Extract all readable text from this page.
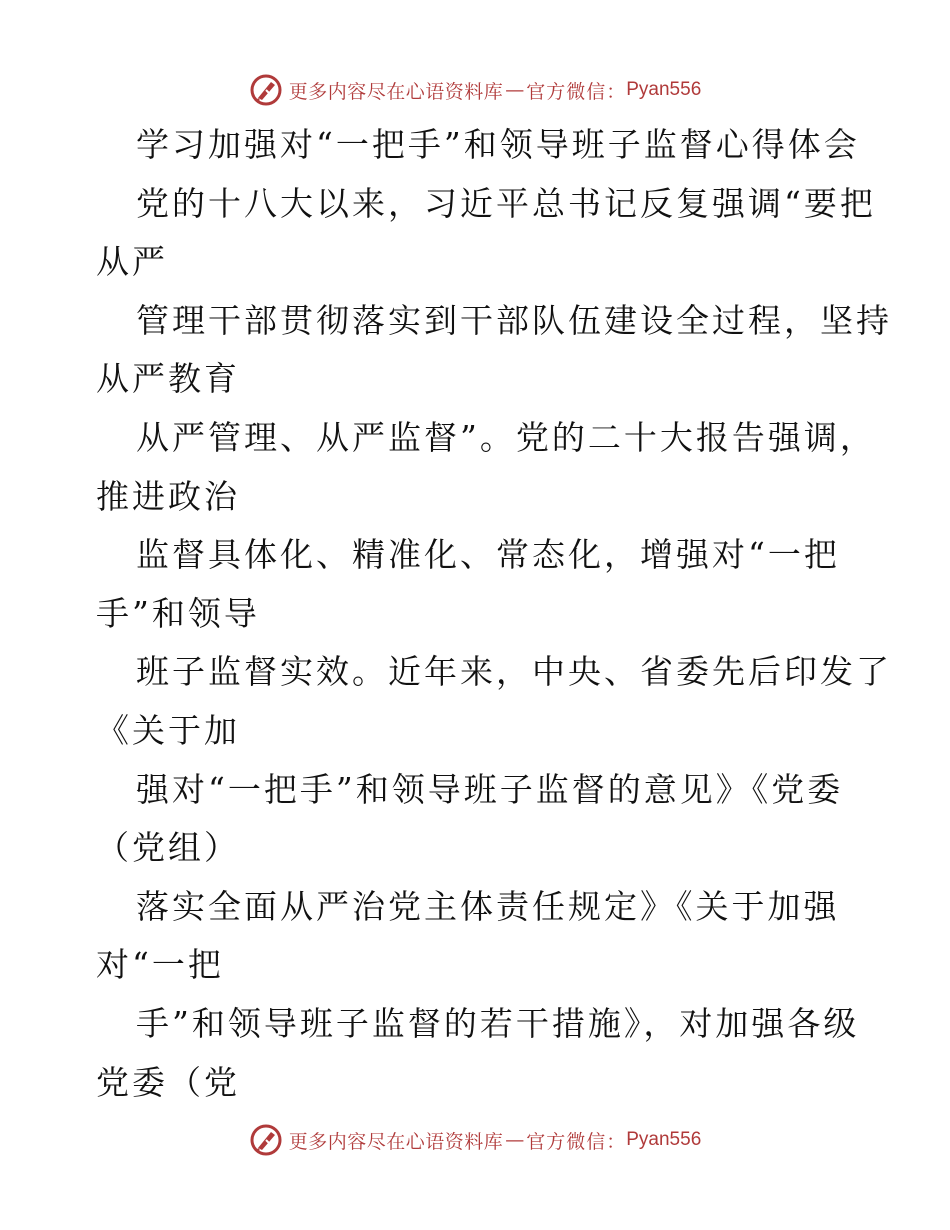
更多内容尽在心语资料库 — 官方微信： Pyan556
学习加强对“一把手”和领导班子监督心得体会
党的十八大以来，习近平总书记反复强调“要把
从严
管理干部贯彻落实到干部队伍建设全过程，坚持
从严教育
从严管理、从严监督”。党的二十大报告强调，
推进政治
监督具体化、精准化、常态化，增强对“一把
手”和领导
班子监督实效。近年来，中央、省委先后印发了
《关于加
强对“一把手”和领导班子监督的意见》《党委
（党组）
落实全面从严治党主体责任规定》《关于加强
对“一把
手”和领导班子监督的若干措施》，对加强各级
党委（党
更多内容尽在心语资料库 — 官方微信： Pyan556
